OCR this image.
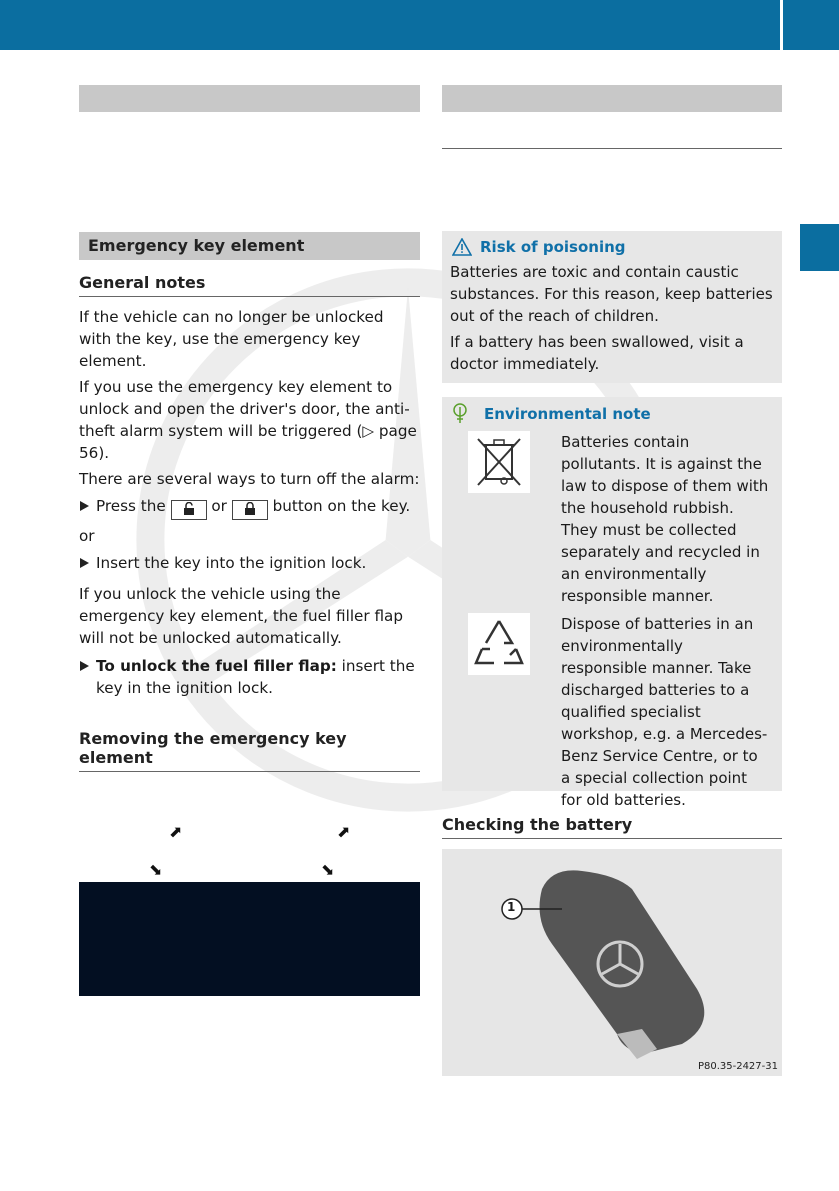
Emergency key element
General notes

If the vehicle can no longer be unlocked with the key, use the emergency key element.

If you use the emergency key element to unlock and open the driver's door, the anti-theft alarm system will be triggered (▷ page 56).

There are several ways to turn off the alarm:

Press the	or	button on the key.
or
Insert the key into the ignition lock.

If you unlock the vehicle using the emergency key element, the fuel filler flap will not be unlocked automatically.

To unlock the fuel filler flap: insert the key in the ignition lock.
Removing the emergency key element
⬈	⬈
⬊	⬊
Risk of poisoning

Batteries are toxic and contain caustic substances. For this reason, keep batteries out of the reach of children.

If a battery has been swallowed, visit a doctor immediately.

Environmental note
Batteries contain pollutants. It is against the law to dispose of them with the household rubbish. They must be collected separately and recycled in an environmentally responsible manner.
Dispose of batteries in an environmentally responsible manner. Take discharged batteries to a qualified specialist workshop, e.g. a Mercedes-Benz Service Centre, or to a special collection point for old batteries.
Checking the battery
1
P80.35-2427-31
